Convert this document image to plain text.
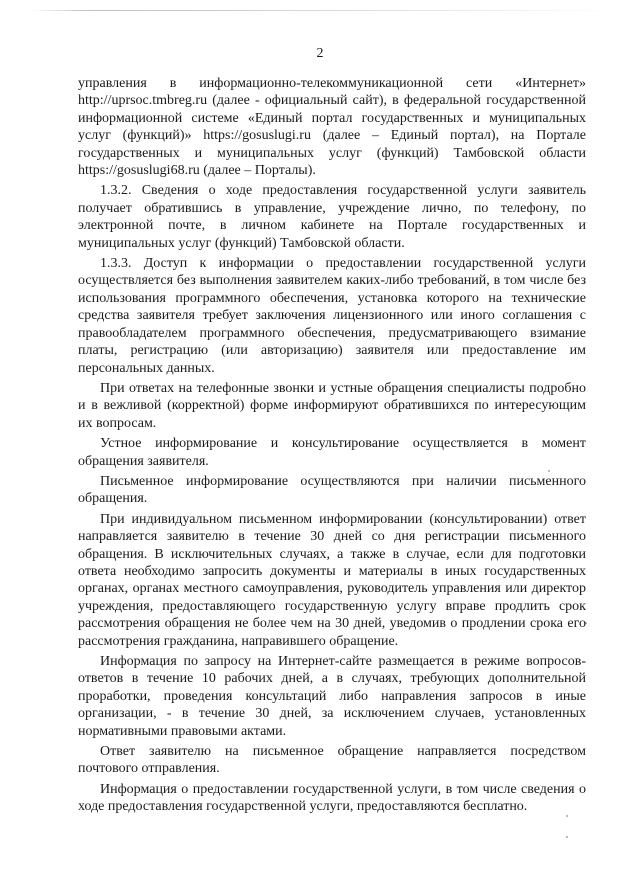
2

управления в информационно-телекоммуникационной сети «Интернет» http://uprsoc.tmbreg.ru (далее - официальный сайт), в федеральной государственной информационной системе «Единый портал государственных и муниципальных услуг (функций)» https://gosuslugi.ru (далее – Единый портал), на Портале государственных и муниципальных услуг (функций) Тамбовской области https://gosuslugi68.ru (далее – Порталы).

1.3.2. Сведения о ходе предоставления государственной услуги заявитель получает обратившись в управление, учреждение лично, по телефону, по электронной почте, в личном кабинете на Портале государственных и муниципальных услуг (функций) Тамбовской области.

1.3.3. Доступ к информации о предоставлении государственной услуги осуществляется без выполнения заявителем каких-либо требований, в том числе без использования программного обеспечения, установка которого на технические средства заявителя требует заключения лицензионного или иного соглашения с правообладателем программного обеспечения, предусматривающего взимание платы, регистрацию (или авторизацию) заявителя или предоставление им персональных данных.

При ответах на телефонные звонки и устные обращения специалисты подробно и в вежливой (корректной) форме информируют обратившихся по интересующим их вопросам.

Устное информирование и консультирование осуществляется в момент обращения заявителя.

Письменное информирование осуществляются при наличии письменного обращения.

При индивидуальном письменном информировании (консультировании) ответ направляется заявителю в течение 30 дней со дня регистрации письменного обращения. В исключительных случаях, а также в случае, если для подготовки ответа необходимо запросить документы и материалы в иных государственных органах, органах местного самоуправления, руководитель управления или директор учреждения, предоставляющего государственную услугу вправе продлить срок рассмотрения обращения не более чем на 30 дней, уведомив о продлении срока его рассмотрения гражданина, направившего обращение.

Информация по запросу на Интернет-сайте размещается в режиме вопросов-ответов в течение 10 рабочих дней, а в случаях, требующих дополнительной проработки, проведения консультаций либо направления запросов в иные организации, - в течение 30 дней, за исключением случаев, установленных нормативными правовыми актами.

Ответ заявителю на письменное обращение направляется посредством почтового отправления.

Информация о предоставлении государственной услуги, в том числе сведения о ходе предоставления государственной услуги, предоставляются бесплатно.
